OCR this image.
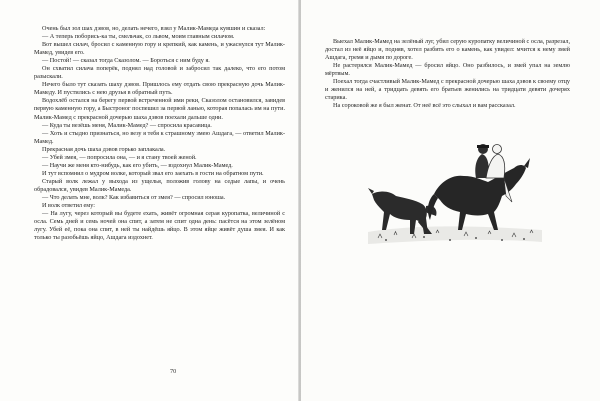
Очень был зол шах дэвов, но, делать нечего, взял у Малик-Мамеда кувшин и сказал:

— А теперь поборись-ка ты, смельчак, со львом, моим главным силачом.

Вот вышел силач, бросил с каменную гору и крепкий, как камень, и ужаснулся тут Малик-Мамед, увидев его.

— Постой! — сказал тогда Сказолом. — Бороться с ним буду я.

Он схватил силача поперёк, поднял над головой и забросил так далеко, что его потом разыскали.

Нечего было тут сказать шаху дэвов. Пришлось ему отдать свою прекрасную дочь Малик-Мамеду. И пустились с нею друзья в обратный путь.

Водохлёб остался на берегу первой встреченной ими реки, Сказолом остановился, завидев первую каменную гору, а Быстроног поспешил за первой ланью, которая попалась им на пути. Малик-Мамед с прекрасной дочерью шаха дэвов поехали дальше одни.

— Куда ты везёшь меня, Малик-Мамед? — спросила красавица.

— Хоть и стыдно признаться, но везу я тебя к страшному змею Ашдага, — ответил Малик-Мамед.

Прекрасная дочь шаха дэвов горько заплакала.

— Убей змея, — попросила она, — и я стану твоей женой.

— Научи же меня кто-нибудь, как его убить, — вздохнул Малик-Мамед.

И тут вспомнил о мудром волке, который звал его заехать в гости на обратном пути.

Старый волк лежал у выхода из ущелья, положив голову на седые лапы, и очень обрадовался, увидев Малик-Мамеда.

— Что делать мне, волк? Как избавиться от змея? — спросил юноша.

И волк ответил ему:

— На лугу, через который вы будете ехать, живёт огромная серая куропатка, величиной с осла. Семь дней и семь ночей она спит, а затем не спит одна день: пасётся на этом зелёном лугу. Убей её, пока она спит, в ней ты найдёшь яйцо. В этом яйце живёт душа змея. И как только ты разобьёшь яйцо, Ашдага издохнет.

70

Выехал Малик-Мамед на зелёный луг, убил серую куропатку величиной с осла, разрезал, достал из неё яйцо и, подняв, хотел разбить его о камень, как увидел: мчится к нему змей Ашдага, гремя и дымя по дороге.

Не растерялся Малик-Мамед — бросил яйцо. Оно разбилось, и змей упал на землю мёртвым.

Поехал тогда счастливый Малик-Мамед с прекрасной дочерью шаха дэвов к своему отцу и женился на ней, а тридцать девять его братьев женились на тридцати девяти дочерях старика.

На сороковой же я был женат. От неё всё это слыхал и вам рассказал.
